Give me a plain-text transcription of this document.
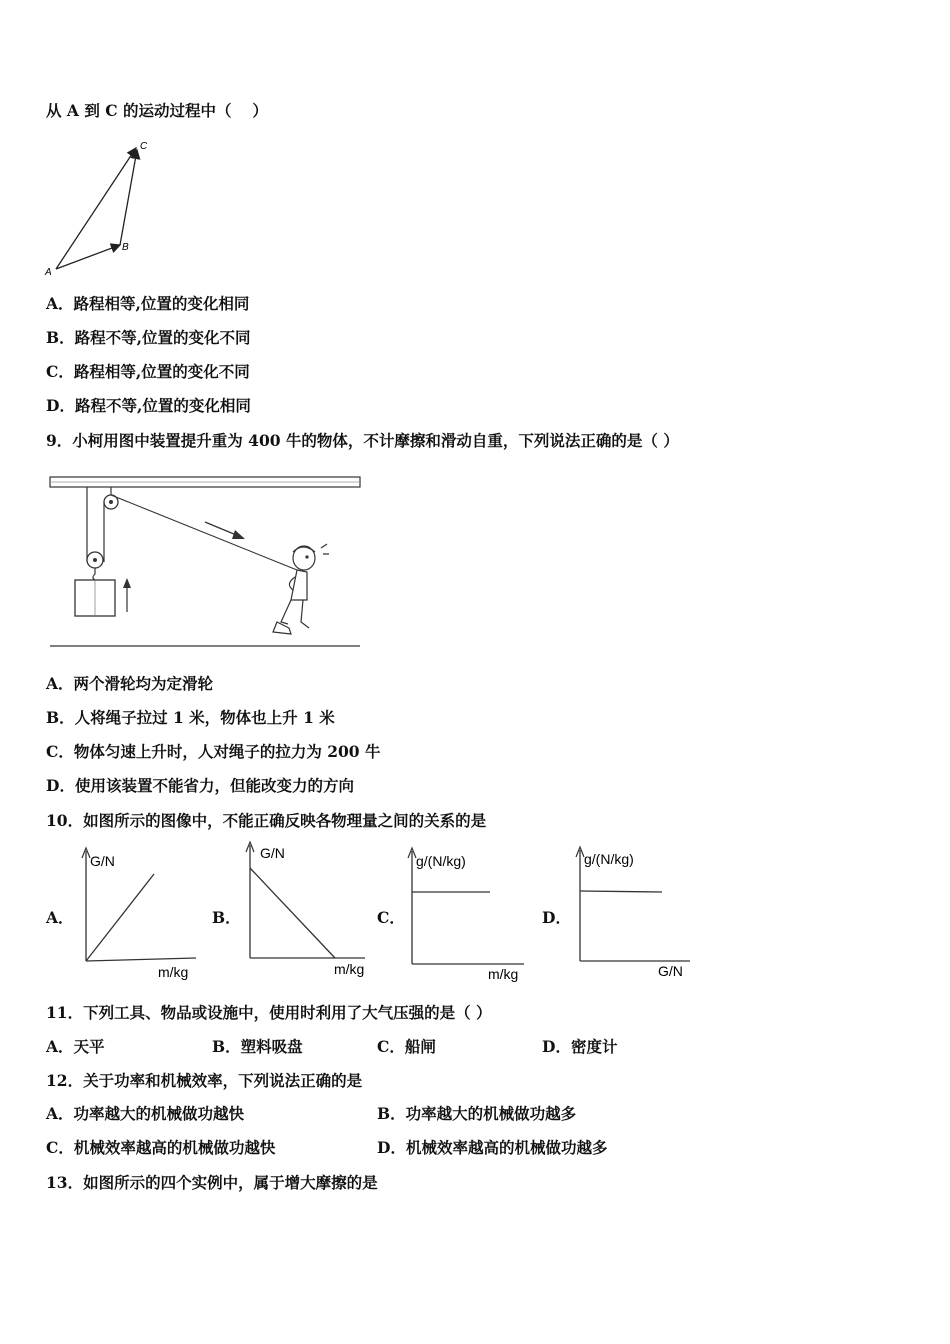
从 A 到 C 的运动过程中（　 ）
A
B
C
A．路程相等,位置的变化相同
B．路程不等,位置的变化不同
C．路程相等,位置的变化不同
D．路程不等,位置的变化相同
9．小柯用图中装置提升重为 400 牛的物体，不计摩擦和滑动自重，下列说法正确的是（ ）
A．两个滑轮均为定滑轮
B．人将绳子拉过 1 米，物体也上升 1 米
C．物体匀速上升时，人对绳子的拉力为 200 牛
D．使用该装置不能省力，但能改变力的方向
10．如图所示的图像中，不能正确反映各物理量之间的关系的是
A．
G/N
m/kg
B．
G/N
m/kg
C．
g/(N/kg)
m/kg
D．
g/(N/kg)
G/N
11．下列工具、物品或设施中，使用时利用了大气压强的是（ ）
A．天平	B．塑料吸盘	C．船闸	D．密度计
12．关于功率和机械效率，下列说法正确的是
A．功率越大的机械做功越快	B．功率越大的机械做功越多
C．机械效率越高的机械做功越快	D．机械效率越高的机械做功越多
13．如图所示的四个实例中，属于增大摩擦的是
